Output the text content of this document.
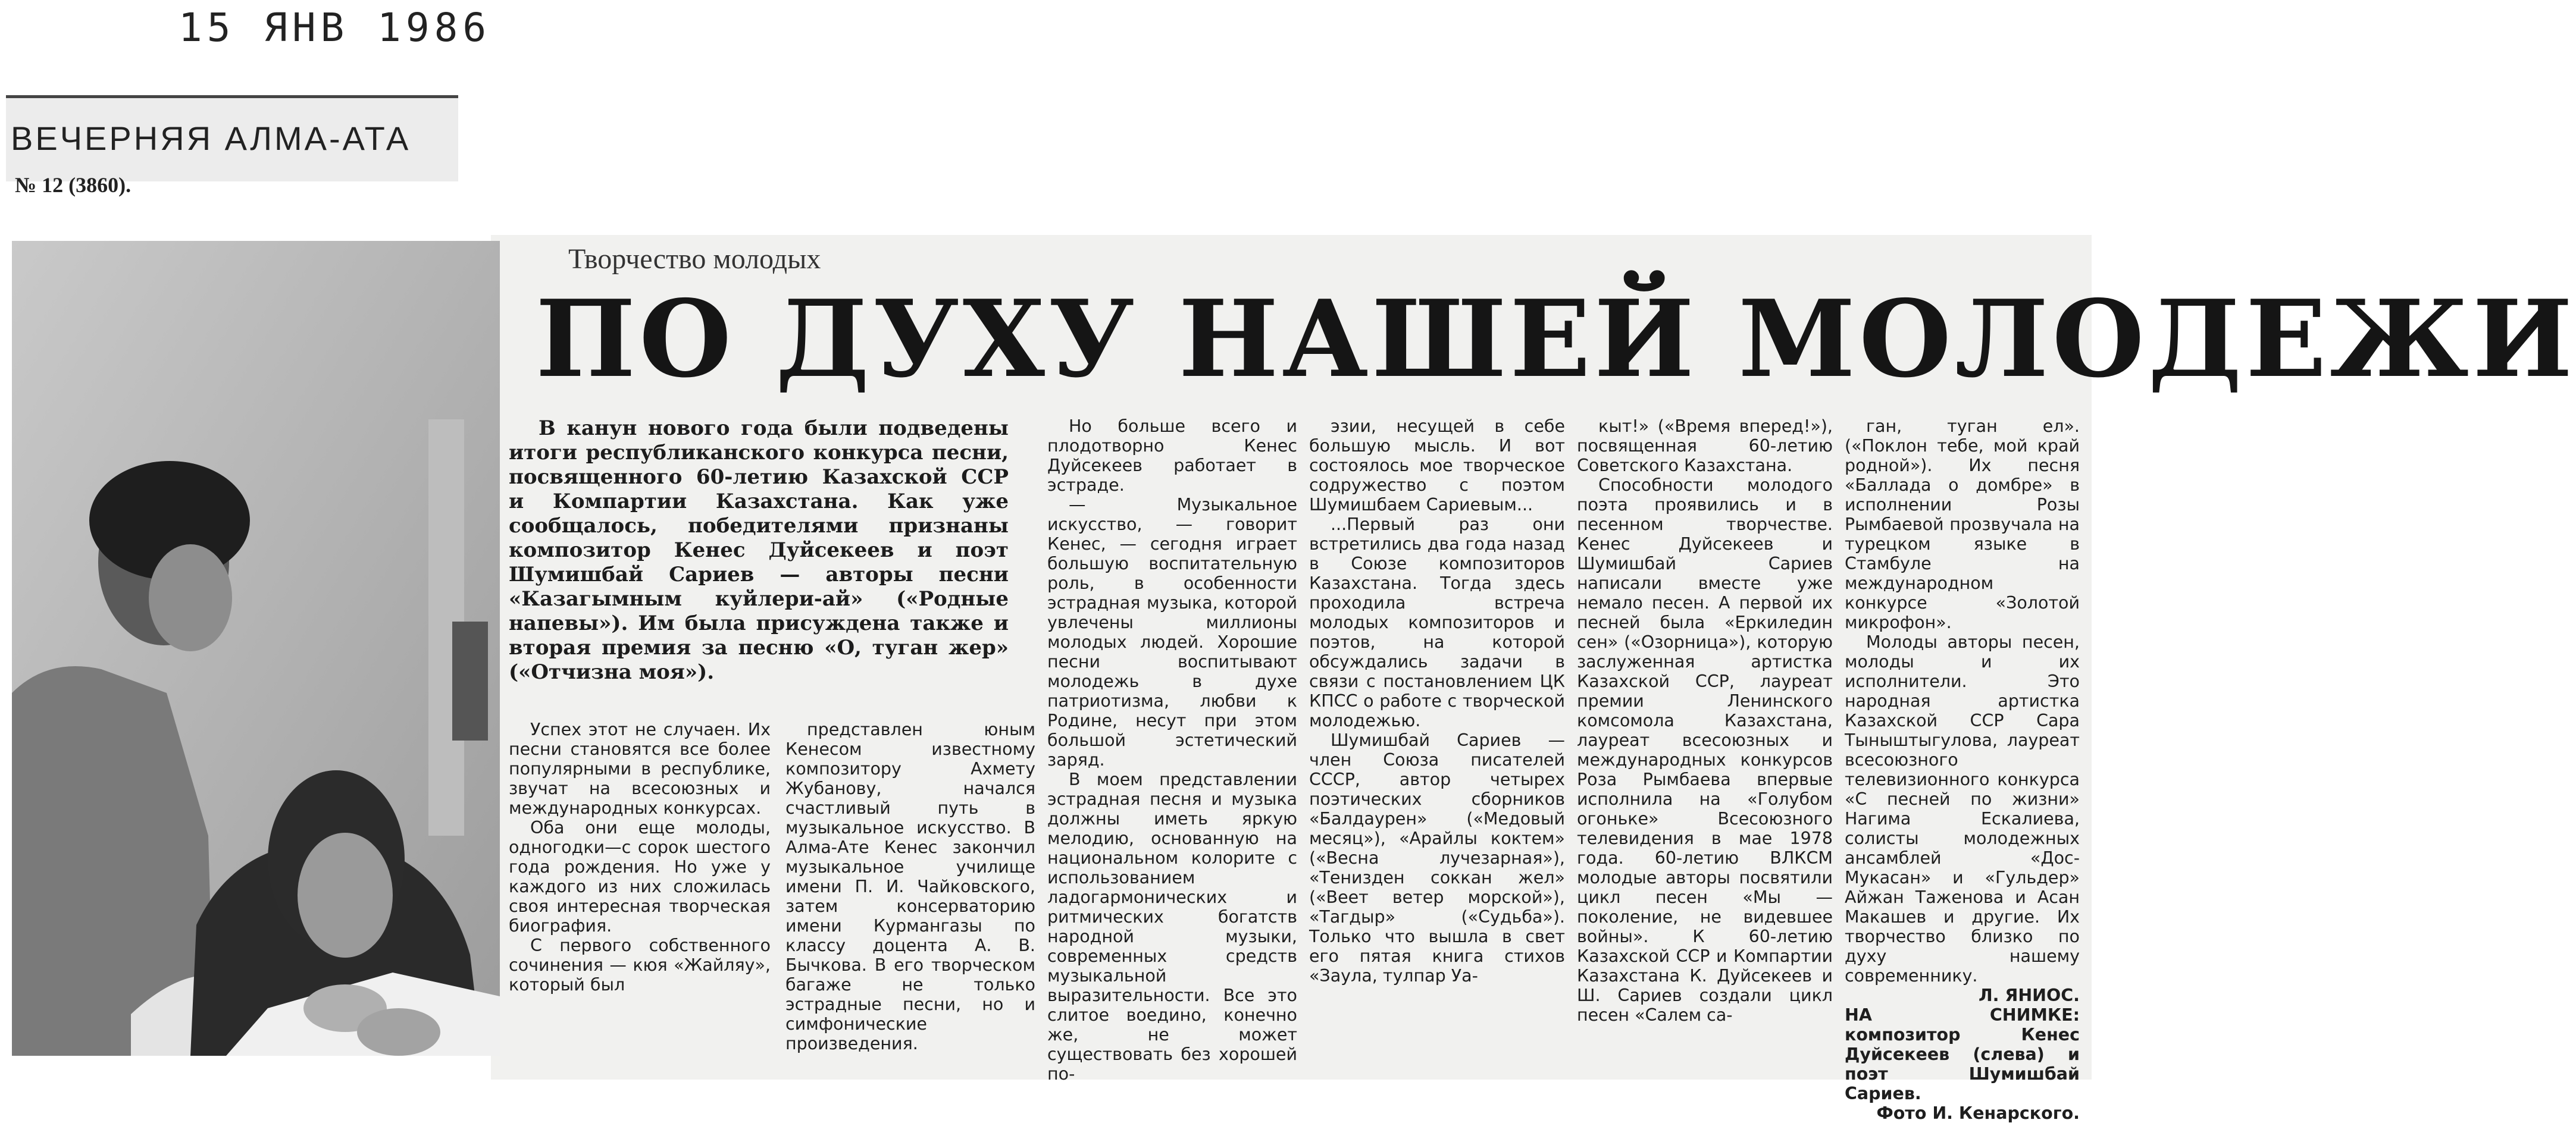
15 ЯНВ 1986
ВЕЧЕРНЯЯ АЛМА-АТА
№ 12 (3860).
Творчество молодых
ПО ДУХУ НАШЕЙ МОЛОДЕЖИ
В канун нового года были подведены итоги республиканского конкурса песни, посвященного 60-летию Казахской ССР и Компартии Казахстана. Как уже сообщалось, победителями признаны композитор Кенес Дуйсекеев и поэт Шумишбай Сариев — авторы песни «Казагымным куйлери-ай» («Родные напевы»). Им была присуждена также и вторая премия за песню «О, туган жер» («Отчизна моя»).

Успех этот не случаен. Их песни становятся все более популярными в республике, звучат на всесоюзных и международных конкурсах.

Оба они еще молоды, одногодки—с сорок шестого года рождения. Но уже у каждого из них сложилась своя интересная творческая биография.

С первого собственного сочинения — кюя «Жайляу», который был

представлен юным Кенесом известному композитору Ахмету Жубанову, начался счастливый путь в музыкальное искусство. В Алма-Ате Кенес закончил музыкальное училище имени П. И. Чайковского, затем консерваторию имени Курмангазы по классу доцента А. В. Бычкова. В его творческом багаже не только эстрадные песни, но и симфонические произведения.

Но больше всего и плодотворно Кенес Дуйсекеев работает в эстраде.

— Музыкальное искусство, — говорит Кенес, — сегодня играет большую воспитательную роль, в особенности эстрадная музыка, которой увлечены миллионы молодых людей. Хорошие песни воспитывают молодежь в духе патриотизма, любви к Родине, несут при этом большой эстетический заряд.

В моем представлении эстрадная песня и музыка должны иметь яркую мелодию, основанную на национальном колорите с использованием ладогармонических и ритмических богатств народной музыки, современных средств музыкальной выразительности. Все это слитое воедино, конечно же, не может существовать без хорошей по-

эзии, несущей в себе большую мысль. И вот состоялось мое творческое содружество с поэтом Шумишбаем Сариевым...

...Первый раз они встретились два года назад в Союзе композиторов Казахстана. Тогда здесь проходила встреча молодых композиторов и поэтов, на которой обсуждались задачи в связи с постановлением ЦК КПСС о работе с творческой молодежью.

Шумишбай Сариев — член Союза писателей СССР, автор четырех поэтических сборников «Балдаурен» («Медовый месяц»), «Арайлы коктем» («Весна лучезарная»), «Тенизден соккан жел» («Веет ветер морской»), «Тагдыр» («Судьба»). Только что вышла в свет его пятая книга стихов «Заула, тулпар Уа-

кыт!» («Время вперед!»), посвященная 60-летию Советского Казахстана.

Способности молодого поэта проявились и в песенном творчестве. Кенес Дуйсекеев и Шумишбай Сариев написали вместе уже немало песен. А первой их песней была «Еркиледин сен» («Озорница»), которую заслуженная артистка Казахской ССР, лауреат премии Ленинского комсомола Казахстана, лауреат всесоюзных и международных конкурсов Роза Рымбаева впервые исполнила на «Голубом огоньке» Всесоюзного телевидения в мае 1978 года. 60-летию ВЛКСМ молодые авторы посвятили цикл песен «Мы — поколение, не видевшее войны». К 60-летию Казахской ССР и Компартии Казахстана К. Дуйсекеев и Ш. Сариев создали цикл песен «Салем са-

ган, туган ел». («Поклон тебе, мой край родной»). Их песня «Баллада о домбре» в исполнении Розы Рымбаевой прозвучала на турецком языке в Стамбуле на международном конкурсе «Золотой микрофон».

Молоды авторы песен, молоды и их исполнители. Это народная артистка Казахской ССР Сара Тыныштыгулова, лауреат всесоюзного телевизионного конкурса «С песней по жизни» Нагима Ескалиева, солисты молодежных ансамблей «Дос-Мукасан» и «Гульдер» Айжан Таженова и Асан Макашев и другие. Их творчество близко по духу нашему современнику.

Л. ЯНИОС.
НА СНИМКЕ: композитор Кенес Дуйсекеев (слева) и поэт Шумишбай Сариев.
Фото И. Кенарского.
